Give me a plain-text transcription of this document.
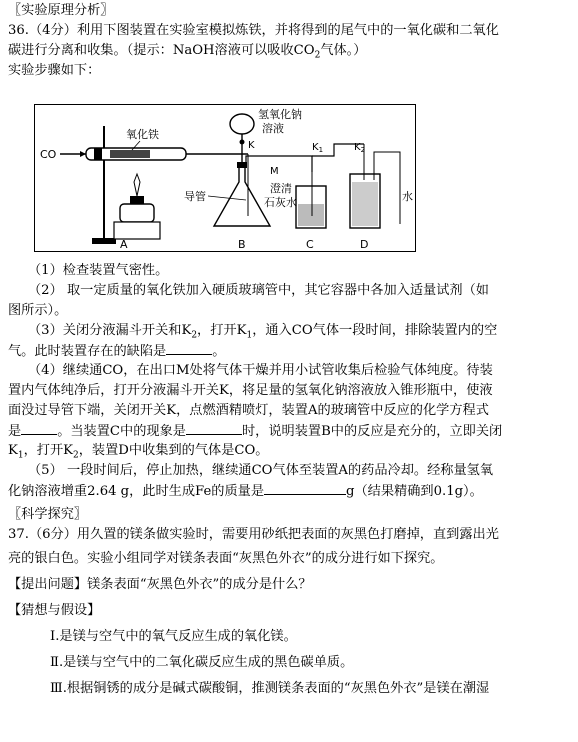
〖实验原理分析〗
36.（4分）利用下图装置在实验室模拟炼铁，并将得到的尾气中的一氧化碳和二氧化
碳进行分离和收集。（提示：NaOH溶液可以吸收$CO_2$气体。）
实验步骤如下：
CO
氧化铁
氢氧化钠
溶液
K
导管
M
$K_1$
澄清
石灰水
$K_2$
水
A	B	C	D
（1）检查装置气密性。
（2） 取一定质量的氧化铁加入硬质玻璃管中，其它容器中各加入适量试剂（如
图所示）。
（3）关闭分液漏斗开关和$K_2$，打开$K_1$，通入CO气体一段时间，排除装置内的空
气。此时装置存在的缺陷是	。
（4）继续通CO，在出口M处将气体干燥并用小试管收集后检验气体纯度。待装
置内气体纯净后，打开分液漏斗开关K，将足量的氢氧化钠溶液放入锥形瓶中，使液
面没过导管下端，关闭开关K，点燃酒精喷灯，装置A的玻璃管中反应的化学方程式
是	。当装置C中的现象是	时，说明装置B中的反应是充分的，立即关闭
$K_1$，打开$K_2$，装置D中收集到的气体是CO。
（5） 一段时间后，停止加热，继续通CO气体至装置A的药品冷却。经称量氢氧
化钠溶液增重2.64 g，此时生成Fe的质量是	g（结果精确到0.1g）。
〖科学探究〗
37.（6分）用久置的镁条做实验时，需要用砂纸把表面的灰黑色打磨掉，直到露出光
亮的银白色。实验小组同学对镁条表面“灰黑色外衣”的成分进行如下探究。
【提出问题】镁条表面“灰黑色外衣”的成分是什么？
【猜想与假设】
Ⅰ.是镁与空气中的氧气反应生成的氧化镁。
Ⅱ.是镁与空气中的二氧化碳反应生成的黑色碳单质。
Ⅲ.根据铜锈的成分是碱式碳酸铜，推测镁条表面的“灰黑色外衣”是镁在潮湿
